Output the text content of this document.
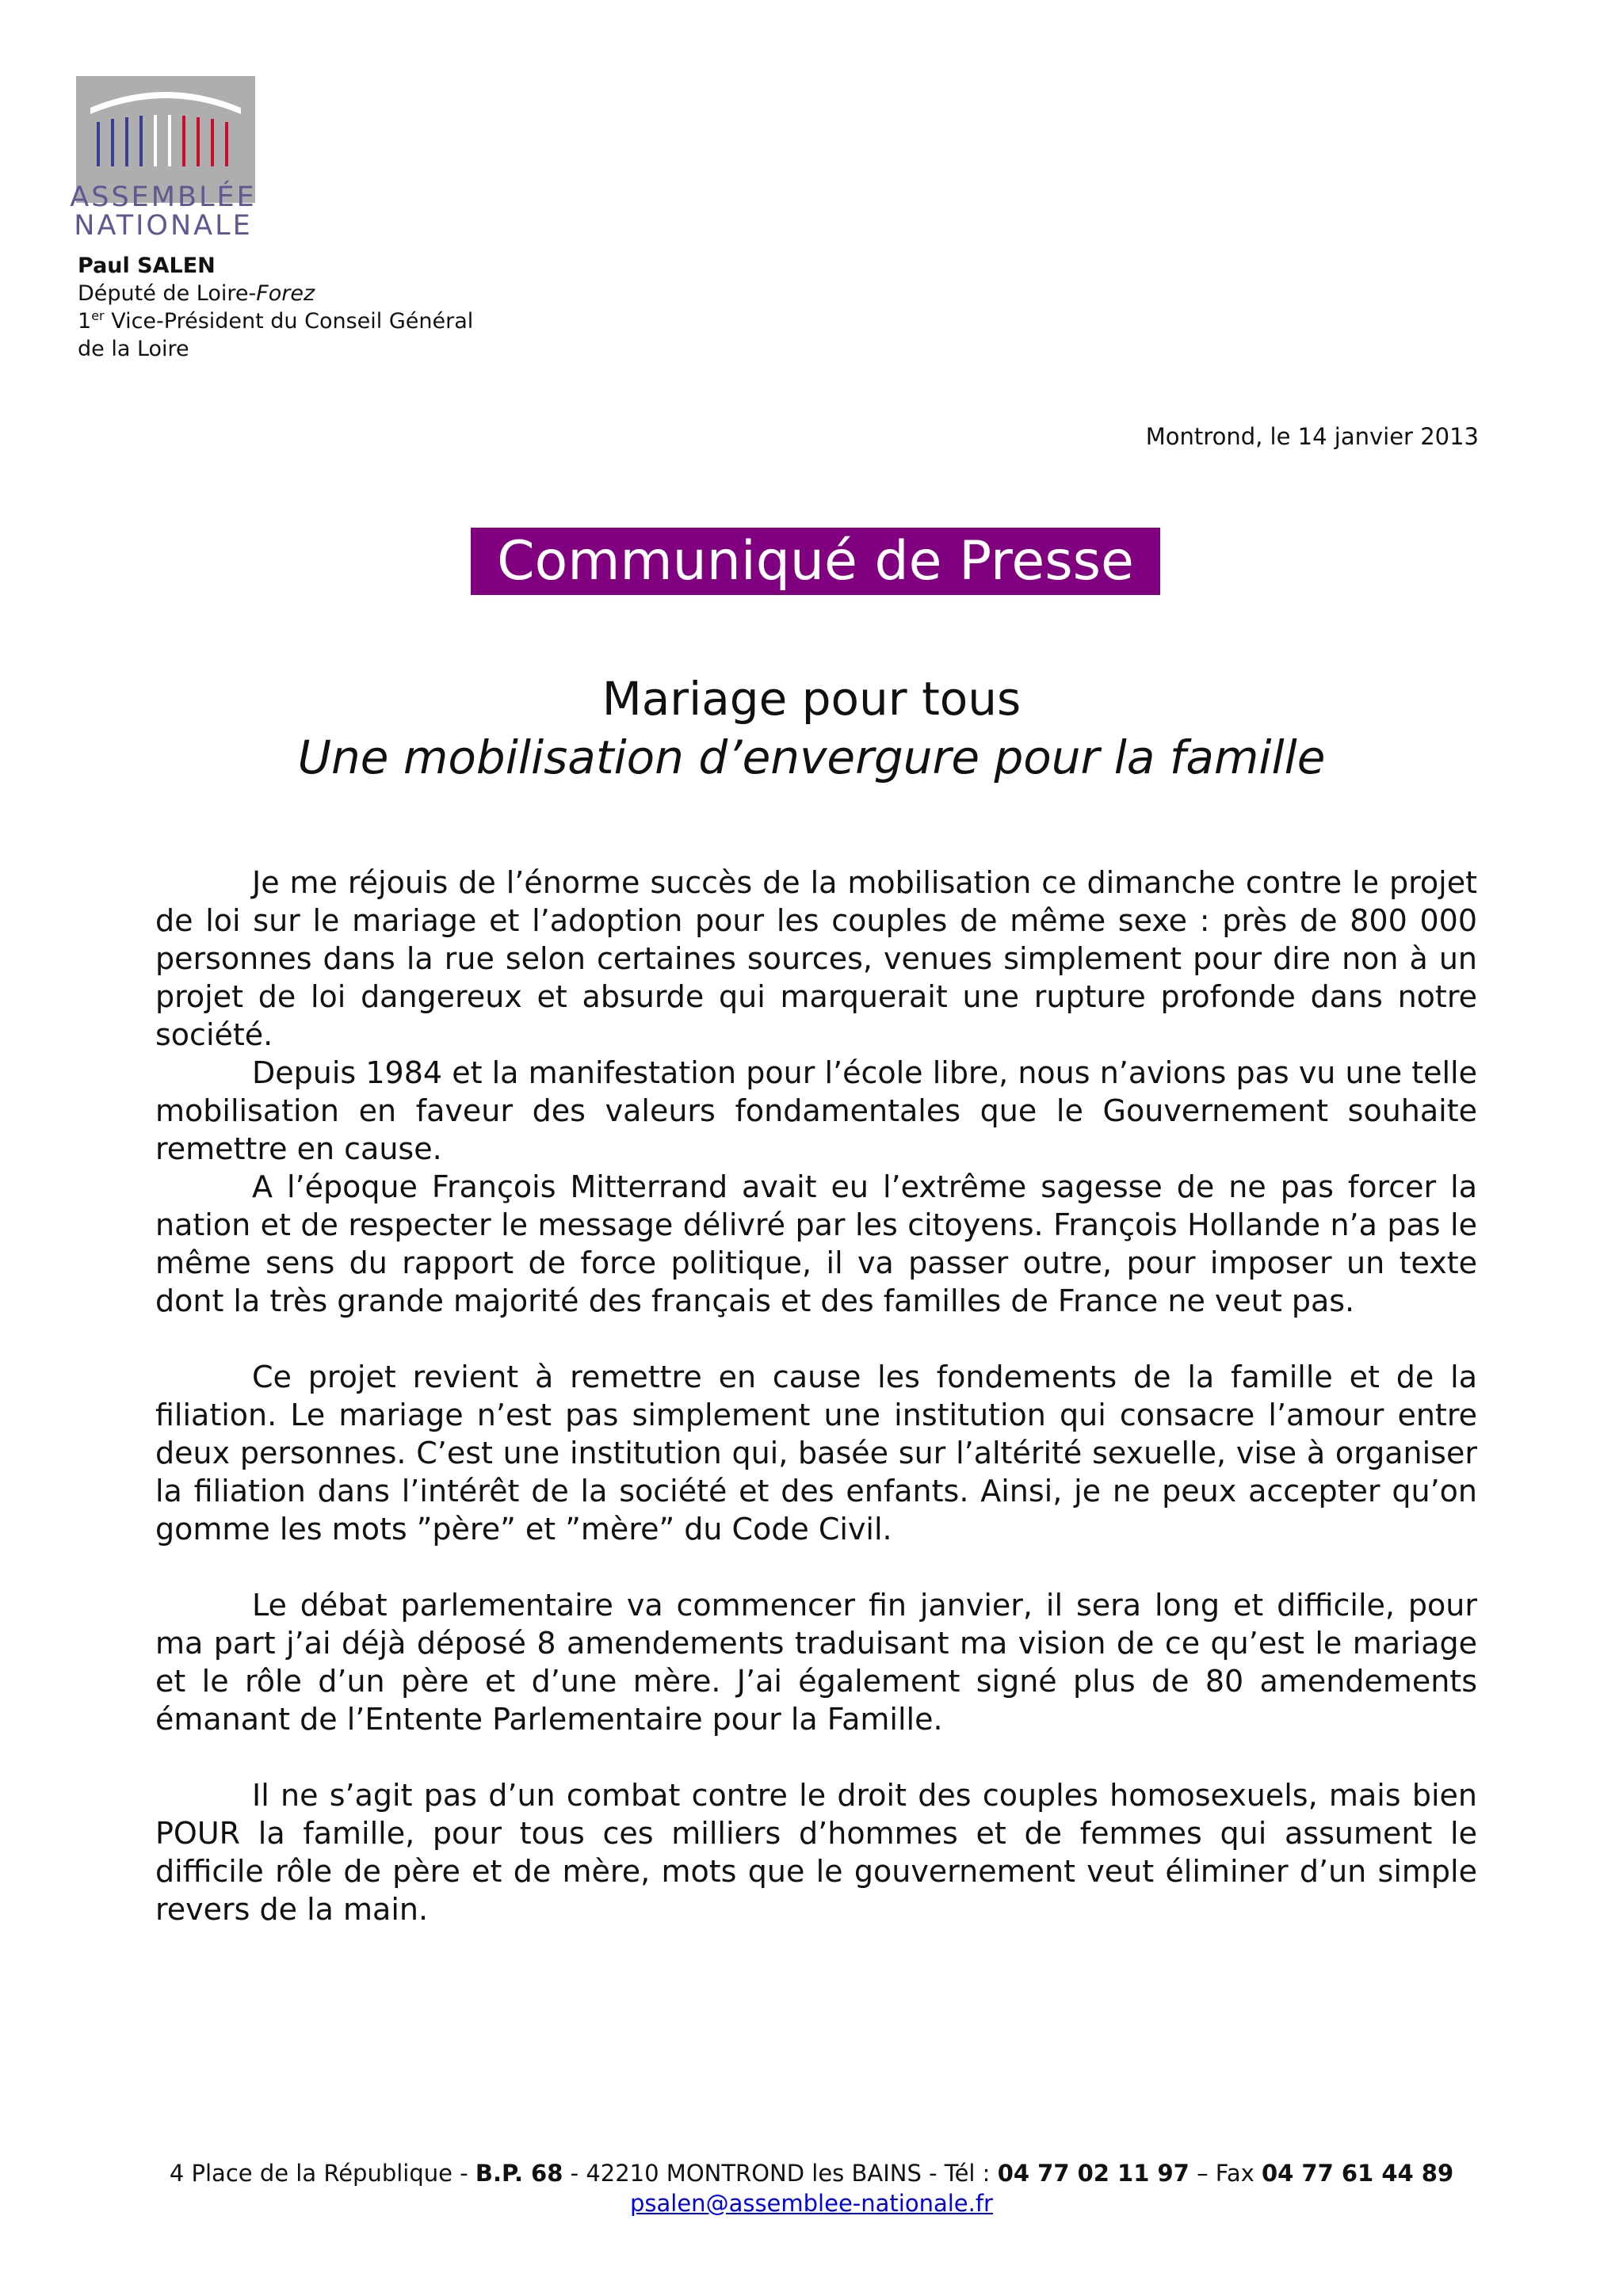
ASSEMBLÉE
NATIONALE
Paul SALEN
Député de Loire-Forez
1er Vice-Président du Conseil Général
de la Loire
Montrond, le 14 janvier 2013
Communiqué de Presse
Mariage pour tous
Une mobilisation d’envergure pour la famille

Je me réjouis de l’énorme succès de la mobilisation ce dimanche contre le projet de loi sur le mariage et l’adoption pour les couples de même sexe : près de 800 000 personnes dans la rue selon certaines sources, venues simplement pour dire non à un projet de loi dangereux et absurde qui marquerait une rupture profonde dans notre société.

Depuis 1984 et la manifestation pour l’école libre, nous n’avions pas vu une telle mobilisation en faveur des valeurs fondamentales que le Gouvernement souhaite remettre en cause.

A l’époque François Mitterrand avait eu l’extrême sagesse de ne pas forcer la nation et de respecter le message délivré par les citoyens. François Hollande n’a pas le même sens du rapport de force politique, il va passer outre, pour imposer un texte dont la très grande majorité des français et des familles de France ne veut pas.

Ce projet revient à remettre en cause les fondements de la famille et de la filiation. Le mariage n’est pas simplement une institution qui consacre l’amour entre deux personnes. C’est une institution qui, basée sur l’altérité sexuelle, vise à organiser la filiation dans l’intérêt de la société et des enfants. Ainsi, je ne peux accepter qu’on gomme les mots ”père” et ”mère” du Code Civil.

Le débat parlementaire va commencer fin janvier, il sera long et difficile, pour ma part j’ai déjà déposé 8 amendements traduisant ma vision de ce qu’est le mariage et le rôle d’un père et d’une mère. J’ai également signé plus de 80 amendements émanant de l’Entente Parlementaire pour la Famille.

Il ne s’agit pas d’un combat contre le droit des couples homosexuels, mais bien POUR la famille, pour tous ces milliers d’hommes et de femmes qui assument le difficile rôle de père et de mère, mots que le gouvernement veut éliminer d’un simple revers de la main.

4 Place de la République - B.P. 68 - 42210 MONTROND les BAINS - Tél : 04 77 02 11 97 – Fax 04 77 61 44 89
psalen@assemblee-nationale.fr
